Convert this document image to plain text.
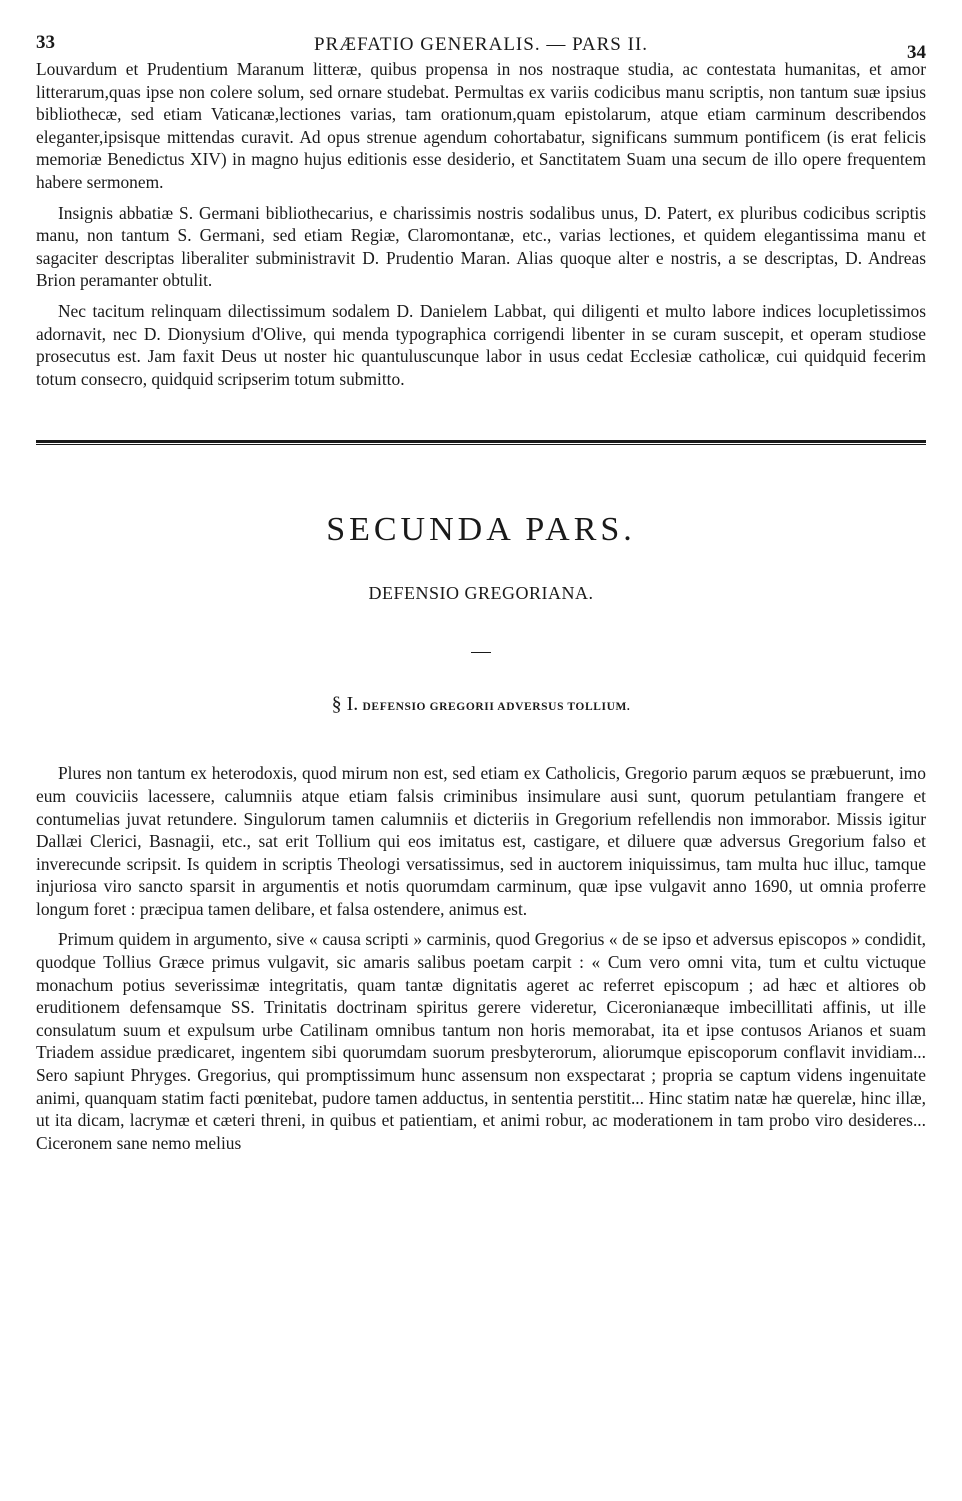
33	PRÆFATIO GENERALIS. — PARS II.	34

Louvardum et Prudentium Maranum litteræ, quibus propensa in nos nostraque studia, ac contestata humanitas, et amor litterarum,quas ipse non colere solum, sed ornare studebat. Permultas ex variis codicibus manu scriptis, non tantum suæ ipsius bibliothecæ, sed etiam Vaticanæ,lectiones varias, tam orationum,quam epistolarum, atque etiam carminum describendos eleganter,ipsisque mittendas curavit. Ad opus strenue agendum cohortabatur, significans summum pontificem (is erat felicis memoriæ Benedictus XIV) in magno hujus editionis esse desiderio, et Sanctitatem Suam una secum de illo opere frequentem habere sermonem.

Insignis abbatiæ S. Germani bibliothecarius, e charissimis nostris sodalibus unus, D. Patert, ex pluribus codicibus scriptis manu, non tantum S. Germani, sed etiam Regiæ, Claromontanæ, etc., varias lectiones, et quidem elegantissima manu et sagaciter descriptas liberaliter subministravit D. Prudentio Maran. Alias quoque alter e nostris, a se descriptas, D. Andreas Brion peramanter obtulit.

Nec tacitum relinquam dilectissimum sodalem D. Danielem Labbat, qui diligenti et multo labore indices locupletissimos adornavit, nec D. Dionysium d'Olive, qui menda typographica corrigendi libenter in se curam suscepit, et operam studiose prosecutus est. Jam faxit Deus ut noster hic quantuluscunque labor in usus cedat Ecclesiæ catholicæ, cui quidquid fecerim totum consecro, quidquid scripserim totum submitto.

SECUNDA PARS.
DEFENSIO GREGORIANA.
§ I. DEFENSIO GREGORII ADVERSUS TOLLIUM.

Plures non tantum ex heterodoxis, quod mirum non est, sed etiam ex Catholicis, Gregorio parum æquos se præbuerunt, imo eum couviciis lacessere, calumniis atque etiam falsis criminibus insimulare ausi sunt, quorum petulantiam frangere et contumelias juvat retundere. Singulorum tamen calumniis et dicteriis in Gregorium refellendis non immorabor. Missis igitur Dallæi Clerici, Basnagii, etc., sat erit Tollium qui eos imitatus est, castigare, et diluere quæ adversus Gregorium falso et inverecunde scripsit. Is quidem in scriptis Theologi versatissimus, sed in auctorem iniquissimus, tam multa huc illuc, tamque injuriosa viro sancto sparsit in argumentis et notis quorumdam carminum, quæ ipse vulgavit anno 1690, ut omnia proferre longum foret : præcipua tamen delibare, et falsa ostendere, animus est.

Primum quidem in argumento, sive « causa scripti » carminis, quod Gregorius « de se ipso et adversus episcopos » condidit, quodque Tollius Græce primus vulgavit, sic amaris salibus poetam carpit : « Cum vero omni vita, tum et cultu victuque monachum potius severissimæ integritatis, quam tantæ dignitatis ageret ac referret episcopum ; ad hæc et altiores ob eruditionem defensamque SS. Trinitatis doctrinam spiritus gerere videretur, Ciceronianæque imbecillitati affinis, ut ille consulatum suum et expulsum urbe Catilinam omnibus tantum non horis memorabat, ita et ipse contusos Arianos et suam Triadem assidue prædicaret, ingentem sibi quorumdam suorum presbyterorum, aliorumque episcoporum conflavit invidiam... Sero sapiunt Phryges. Gregorius, qui promptissimum hunc assensum non exspectarat ; propria se captum videns ingenuitate animi, quanquam statim facti pœnitebat, pudore tamen adductus, in sententia perstitit... Hinc statim natæ hæ querelæ, hinc illæ, ut ita dicam, lacrymæ et cæteri threni, in quibus et patientiam, et animi robur, ac moderationem in tam probo viro desideres... Ciceronem sane nemo melius
